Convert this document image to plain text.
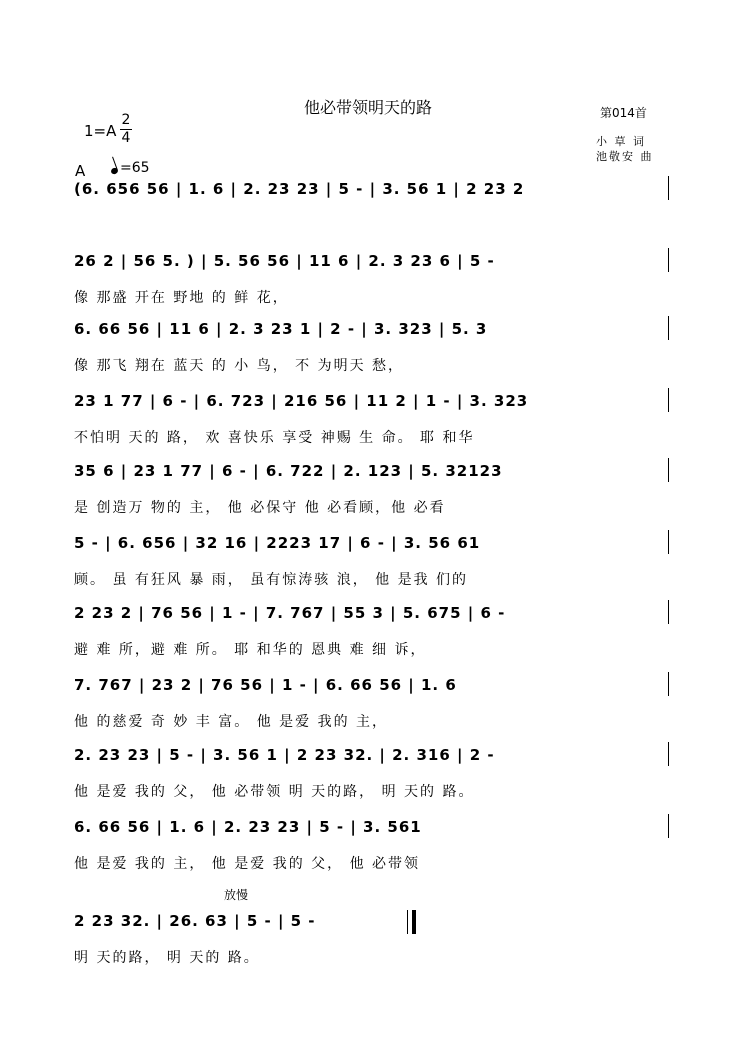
他必带领明天的路	第014首
小 草 词
池敬安 曲
1=A
2
4
A	=65
(6. 656 56 | 1. 6 | 2. 23 23 | 5 - | 3. 56 1 | 2 23 2
26 2 | 56 5. ) | 5. 56 56 | 11 6 | 2. 3 23 6 | 5 -
像 那盛 开在 野地 的 鲜 花，
6. 66 56 | 11 6 | 2. 3 23 1 | 2 - | 3. 323 | 5. 3
像 那飞 翔在 蓝天 的 小 鸟， 不 为明天 愁，
23 1 77 | 6 - | 6. 723 | 216 56 | 11 2 | 1 - | 3. 323
不怕明 天的 路， 欢 喜快乐 享受 神赐 生 命。 耶 和华
35 6 | 23 1 77 | 6 - | 6. 722 | 2. 123 | 5. 32123
是 创造万 物的 主， 他 必保守 他 必看顾，他 必看
5 - | 6. 656 | 32 16 | 2223 17 | 6 - | 3. 56 61
顾。 虽 有狂风 暴 雨， 虽有惊涛骇 浪， 他 是我 们的
2 23 2 | 76 56 | 1 - | 7. 767 | 55 3 | 5. 675 | 6 -
避 难 所，避 难 所。 耶 和华的 恩典 难 细 诉，
7. 767 | 23 2 | 76 56 | 1 - | 6. 66 56 | 1. 6
他 的慈爱 奇 妙 丰 富。 他 是爱 我的 主，
2. 23 23 | 5 - | 3. 56 1 | 2 23 32. | 2. 316 | 2 -
他 是爱 我的 父， 他 必带领 明 天的路， 明 天的 路。
6. 66 56 | 1. 6 | 2. 23 23 | 5 - | 3. 561
他 是爱 我的 主， 他 是爱 我的 父， 他 必带领
2 23 32. | 26. 63 | 5 - | 5 -
明 天的路， 明 天的 路。
放慢
